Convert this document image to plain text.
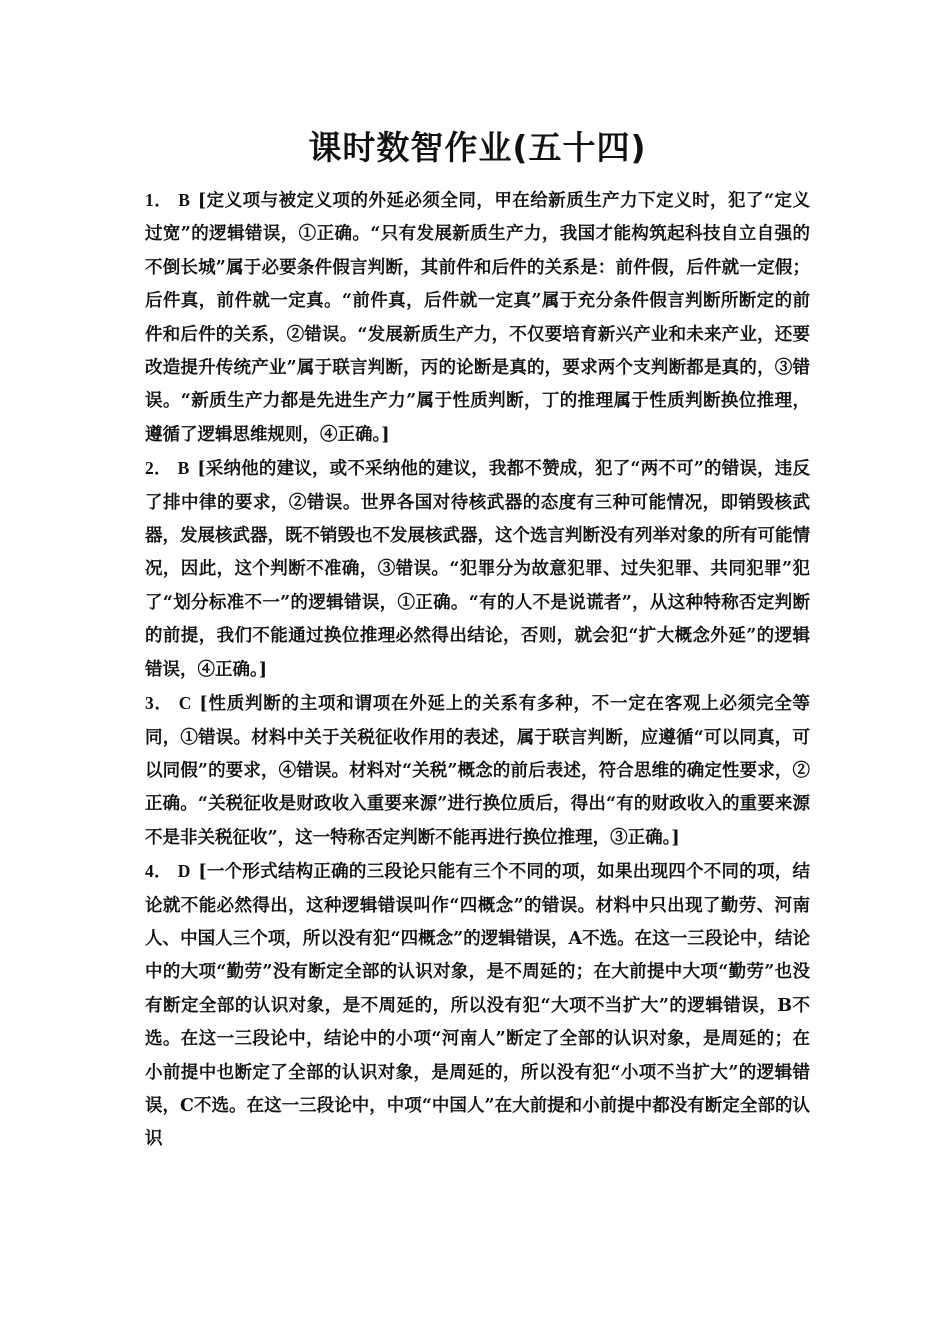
课时数智作业(五十四)

1． B [定义项与被定义项的外延必须全同，甲在给新质生产力下定义时，犯了“定义过宽”的逻辑错误，①正确。“只有发展新质生产力，我国才能构筑起科技自立自强的不倒长城”属于必要条件假言判断，其前件和后件的关系是：前件假，后件就一定假；后件真，前件就一定真。“前件真，后件就一定真”属于充分条件假言判断所断定的前件和后件的关系，②错误。“发展新质生产力，不仅要培育新兴产业和未来产业，还要改造提升传统产业”属于联言判断，丙的论断是真的，要求两个支判断都是真的，③错误。“新质生产力都是先进生产力”属于性质判断，丁的推理属于性质判断换位推理，遵循了逻辑思维规则，④正确。]

2． B [采纳他的建议，或不采纳他的建议，我都不赞成，犯了“两不可”的错误，违反了排中律的要求，②错误。世界各国对待核武器的态度有三种可能情况，即销毁核武器，发展核武器，既不销毁也不发展核武器，这个选言判断没有列举对象的所有可能情况，因此，这个判断不准确，③错误。“犯罪分为故意犯罪、过失犯罪、共同犯罪”犯了“划分标准不一”的逻辑错误，①正确。“有的人不是说谎者”，从这种特称否定判断的前提，我们不能通过换位推理必然得出结论，否则，就会犯“扩大概念外延”的逻辑错误，④正确。]

3． C [性质判断的主项和谓项在外延上的关系有多种，不一定在客观上必须完全等同，①错误。材料中关于关税征收作用的表述，属于联言判断，应遵循“可以同真，可以同假”的要求，④错误。材料对“关税”概念的前后表述，符合思维的确定性要求，②正确。“关税征收是财政收入重要来源”进行换位质后，得出“有的财政收入的重要来源不是非关税征收”，这一特称否定判断不能再进行换位推理，③正确。]

4． D [一个形式结构正确的三段论只能有三个不同的项，如果出现四个不同的项，结论就不能必然得出，这种逻辑错误叫作“四概念”的错误。材料中只出现了勤劳、河南人、中国人三个项，所以没有犯“四概念”的逻辑错误，A不选。在这一三段论中，结论中的大项“勤劳”没有断定全部的认识对象，是不周延的；在大前提中大项“勤劳”也没有断定全部的认识对象，是不周延的，所以没有犯“大项不当扩大”的逻辑错误，B不选。在这一三段论中，结论中的小项“河南人”断定了全部的认识对象，是周延的；在小前提中也断定了全部的认识对象，是周延的，所以没有犯“小项不当扩大”的逻辑错误，C不选。在这一三段论中，中项“中国人”在大前提和小前提中都没有断定全部的认识
